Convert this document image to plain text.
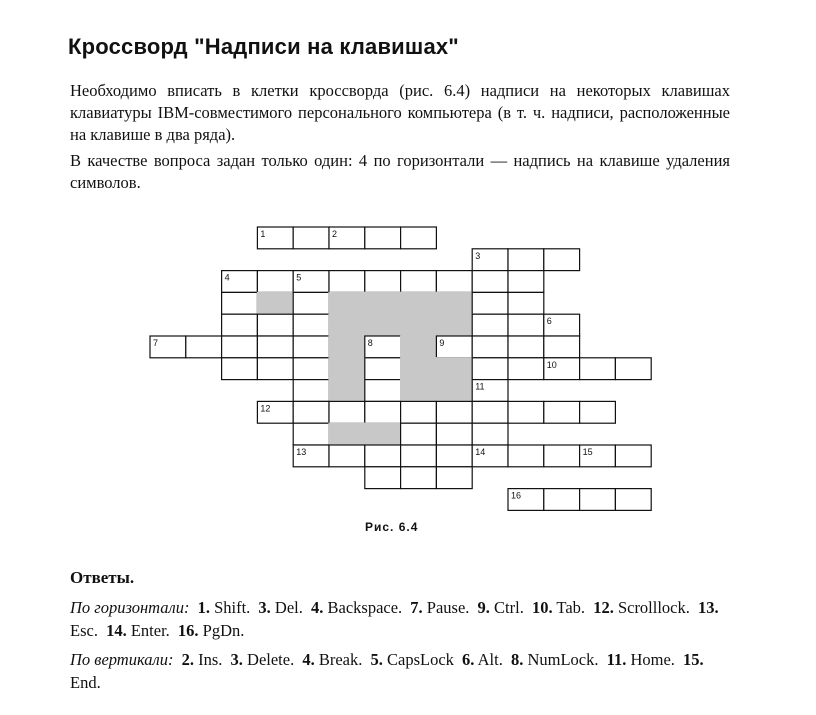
Кроссворд "Надписи на клавишах"
Необходимо вписать в клетки кроссворда (рис. 6.4) надписи на некоторых клавишах клавиатуры IBM-совместимого персонального компьютера (в т. ч. надписи, расположенные на клавише в два ряда).
В качестве вопроса задан только один: 4 по горизонтали — надпись на клавише удаления символов.
1	2
3
4	5
6
7	8	9
10
11
12
13	14	15
16
Рис. 6.4
Ответы.
По горизонтали: 1. Shift. 3. Del. 4. Backspace. 7. Pause. 9. Ctrl. 10. Tab. 12. Scrolllock. 13. Esc. 14. Enter. 16. PgDn.
По вертикали: 2. Ins. 3. Delete. 4. Break. 5. CapsLock 6. Alt. 8. NumLock. 11. Home. 15. End.
